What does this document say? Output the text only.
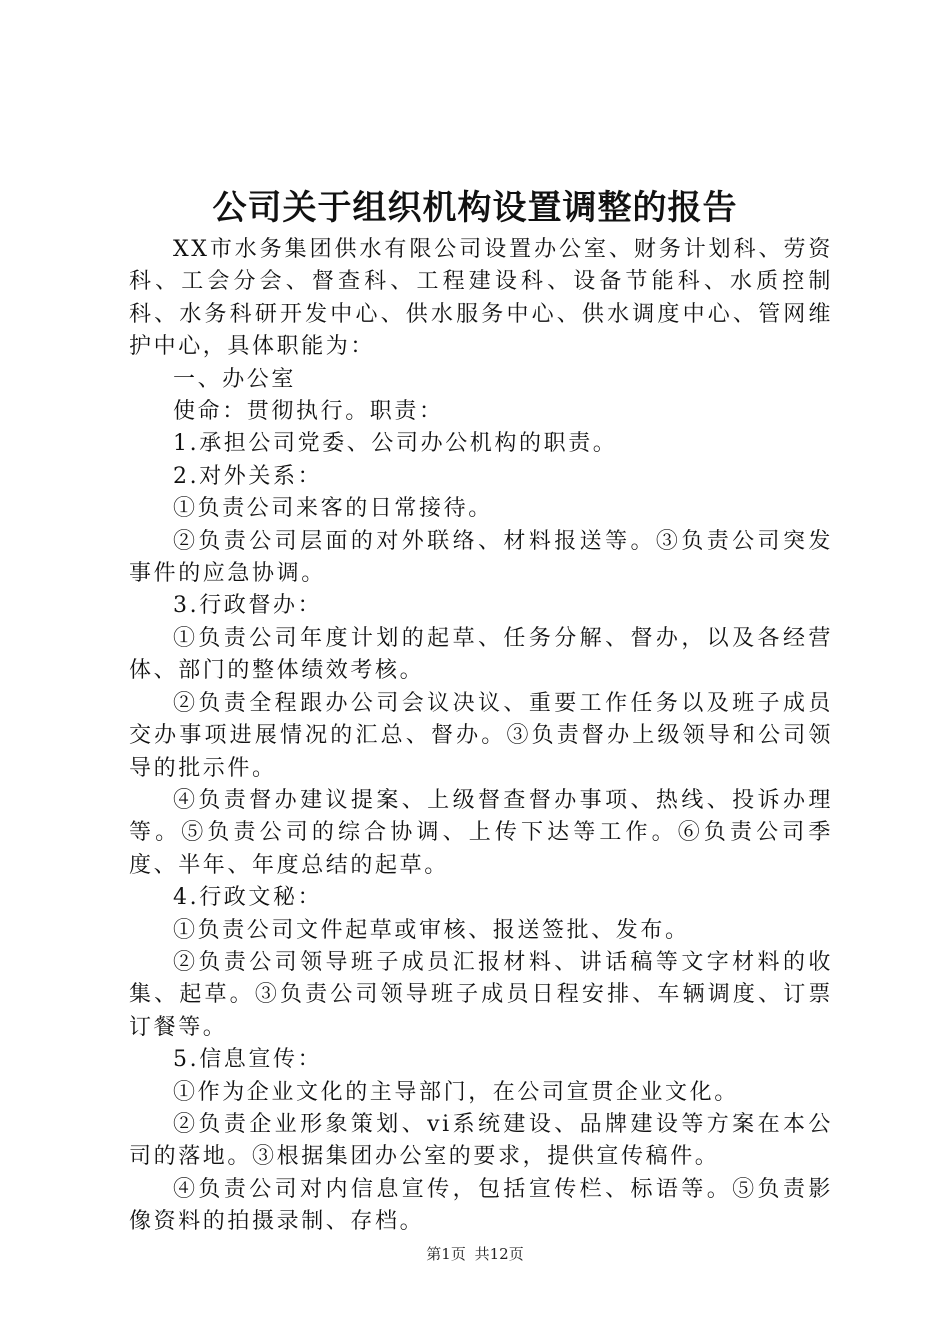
公司关于组织机构设置调整的报告

XX市水务集团供水有限公司设置办公室、财务计划科、劳资科、工会分会、督查科、工程建设科、设备节能科、水质控制科、水务科研开发中心、供水服务中心、供水调度中心、管网维护中心，具体职能为：

一、办公室

使命：贯彻执行。职责：

1.承担公司党委、公司办公机构的职责。

2.对外关系：

①负责公司来客的日常接待。

②负责公司层面的对外联络、材料报送等。③负责公司突发事件的应急协调。

3.行政督办：

①负责公司年度计划的起草、任务分解、督办，以及各经营体、部门的整体绩效考核。

②负责全程跟办公司会议决议、重要工作任务以及班子成员交办事项进展情况的汇总、督办。③负责督办上级领导和公司领导的批示件。

④负责督办建议提案、上级督查督办事项、热线、投诉办理等。⑤负责公司的综合协调、上传下达等工作。⑥负责公司季度、半年、年度总结的起草。

4.行政文秘：

①负责公司文件起草或审核、报送签批、发布。

②负责公司领导班子成员汇报材料、讲话稿等文字材料的收集、起草。③负责公司领导班子成员日程安排、车辆调度、订票订餐等。

5.信息宣传：

①作为企业文化的主导部门，在公司宣贯企业文化。

②负责企业形象策划、vi系统建设、品牌建设等方案在本公司的落地。③根据集团办公室的要求，提供宣传稿件。

④负责公司对内信息宣传，包括宣传栏、标语等。⑤负责影像资料的拍摄录制、存档。

第1页 共12页
